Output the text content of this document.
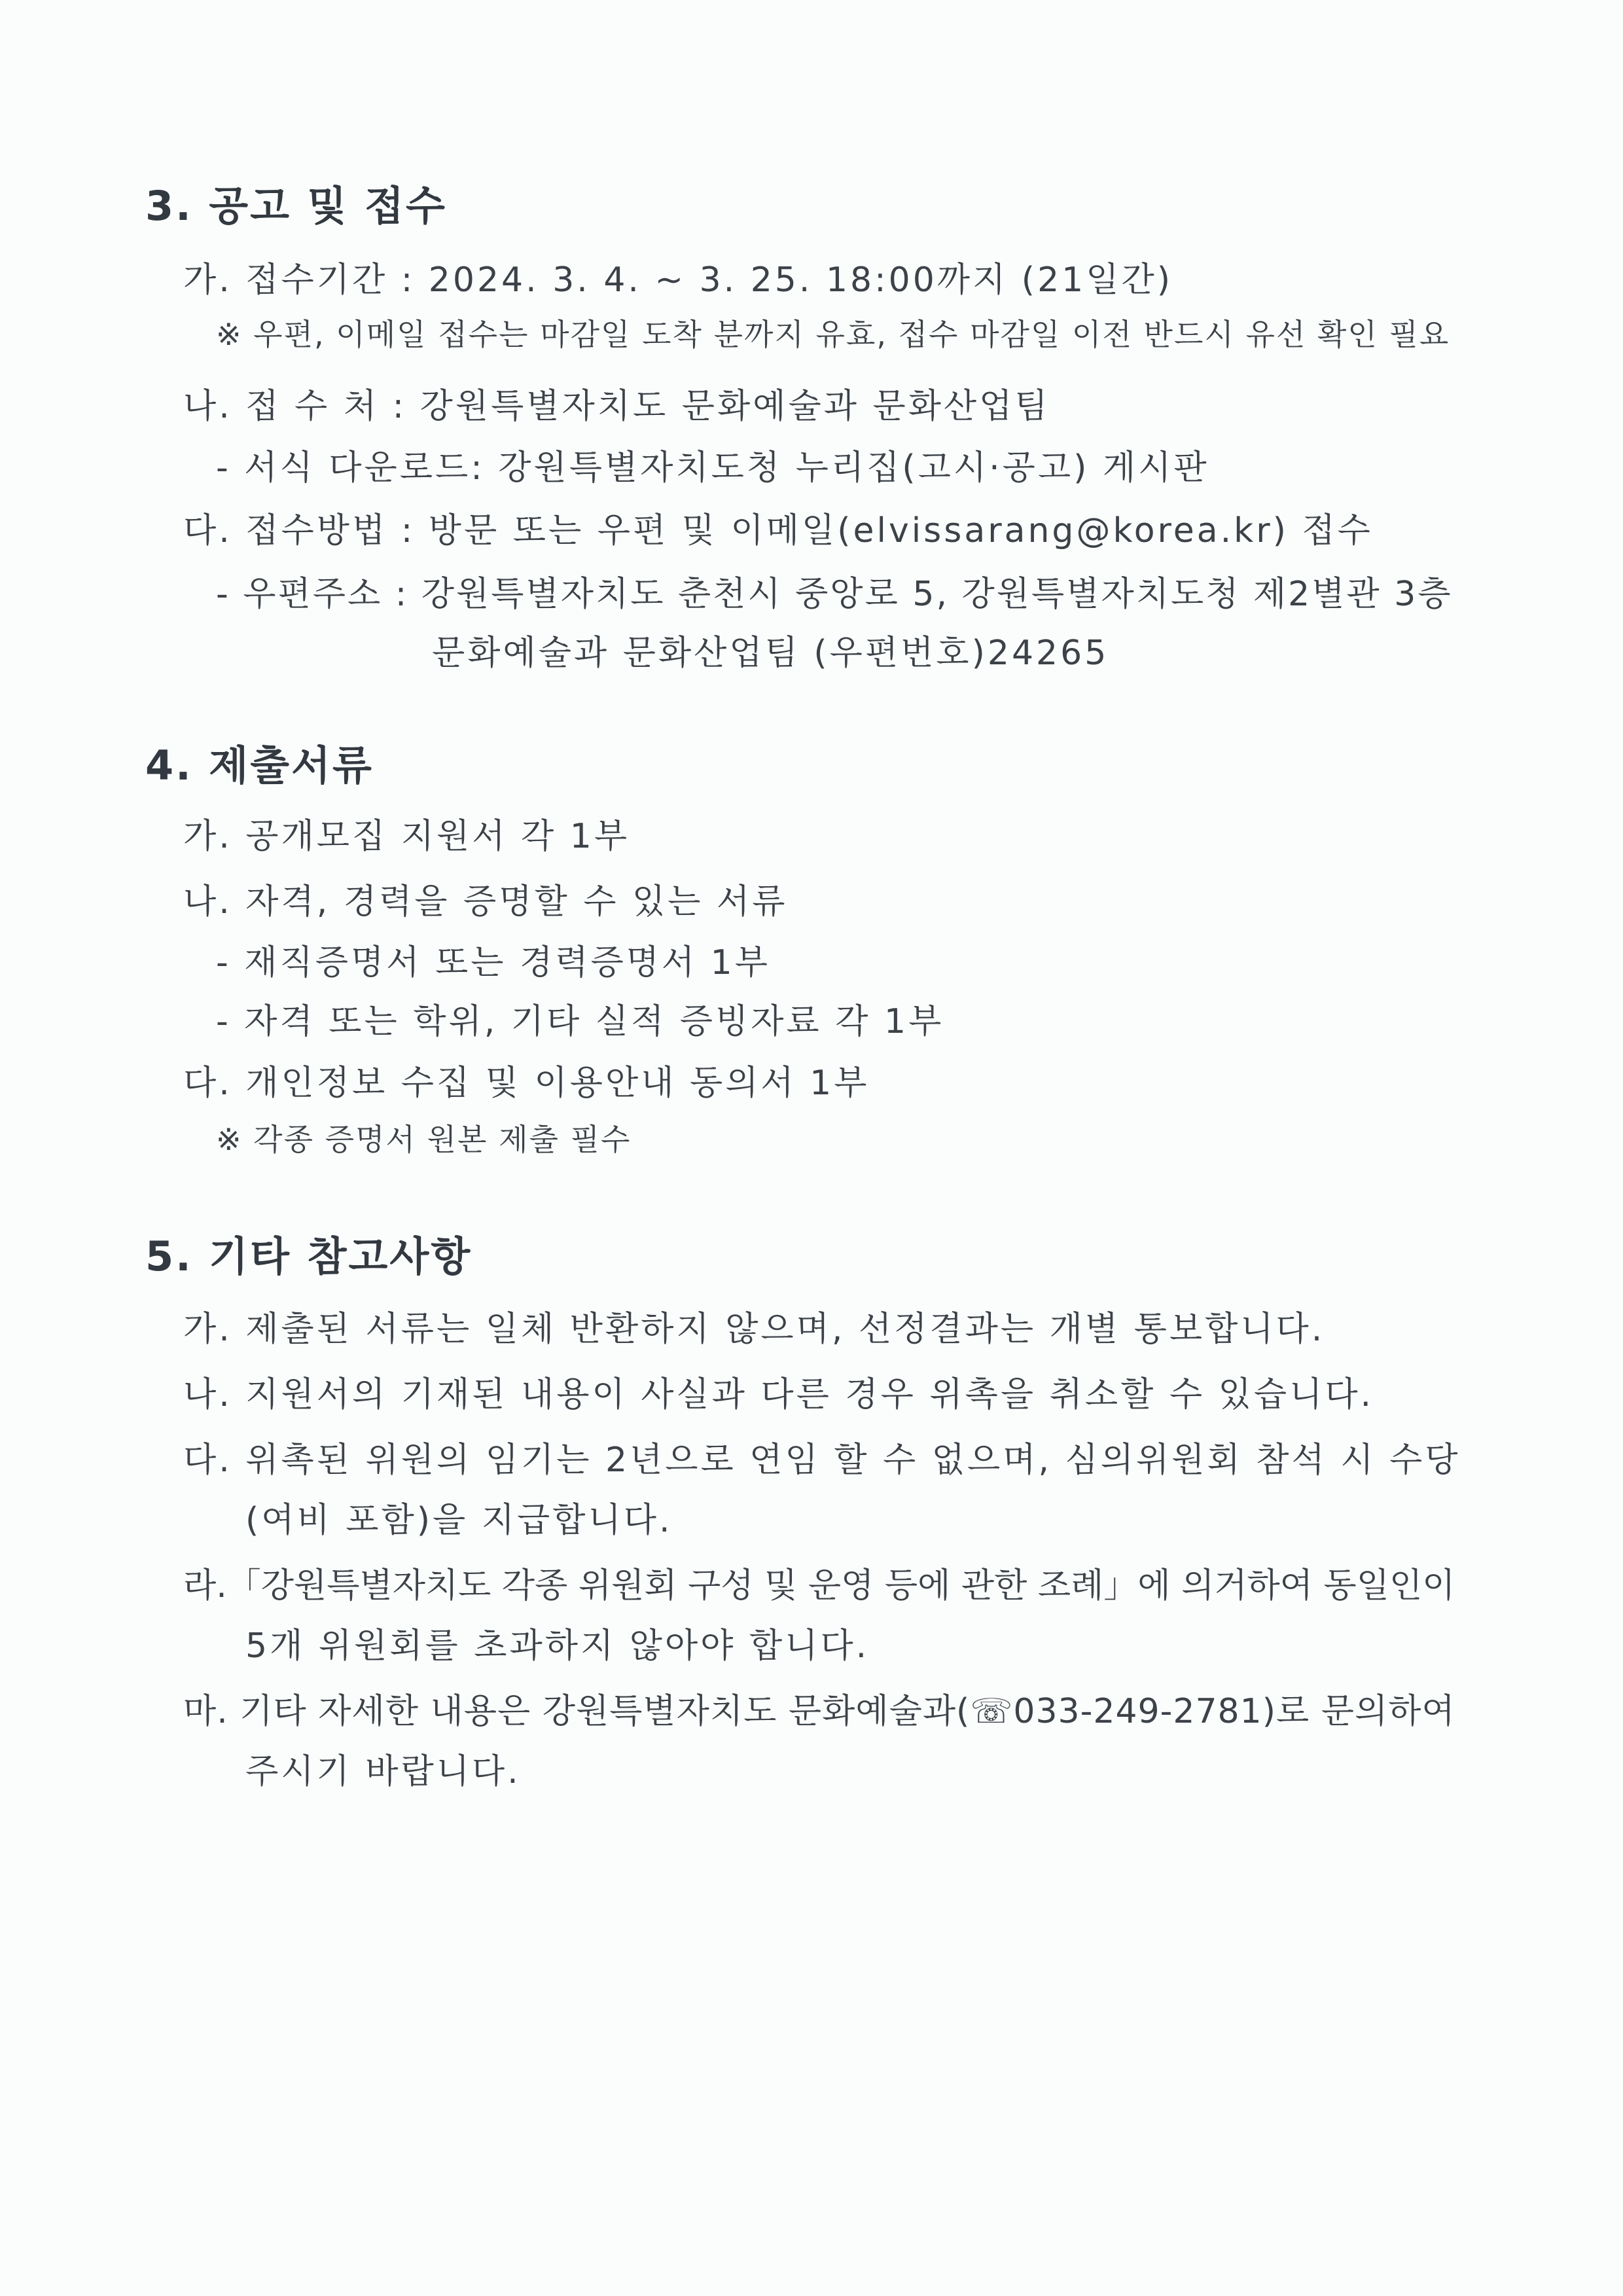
3. 공고 및 접수
가. 접수기간 : 2024. 3. 4. ~ 3. 25. 18:00까지 (21일간)
※ 우편, 이메일 접수는 마감일 도착 분까지 유효, 접수 마감일 이전 반드시 유선 확인 필요
나. 접 수 처 : 강원특별자치도 문화예술과 문화산업팀
- 서식 다운로드: 강원특별자치도청 누리집(고시·공고) 게시판
다. 접수방법 : 방문 또는 우편 및 이메일(elvissarang@korea.kr) 접수
- 우편주소 : 강원특별자치도 춘천시 중앙로 5, 강원특별자치도청 제2별관 3층
문화예술과 문화산업팀 (우편번호)24265
4. 제출서류
가. 공개모집 지원서 각 1부
나. 자격, 경력을 증명할 수 있는 서류
- 재직증명서 또는 경력증명서 1부
- 자격 또는 학위, 기타 실적 증빙자료 각 1부
다. 개인정보 수집 및 이용안내 동의서 1부
※ 각종 증명서 원본 제출 필수
5. 기타 참고사항
가. 제출된 서류는 일체 반환하지 않으며, 선정결과는 개별 통보합니다.
나. 지원서의 기재된 내용이 사실과 다른 경우 위촉을 취소할 수 있습니다.
다. 위촉된 위원의 임기는 2년으로 연임 할 수 없으며, 심의위원회 참석 시 수당
(여비 포함)을 지급합니다.
라.「강원특별자치도 각종 위원회 구성 및 운영 등에 관한 조례」에 의거하여 동일인이
5개 위원회를 초과하지 않아야 합니다.
마. 기타 자세한 내용은 강원특별자치도 문화예술과(☏033-249-2781)로 문의하여
주시기 바랍니다.
